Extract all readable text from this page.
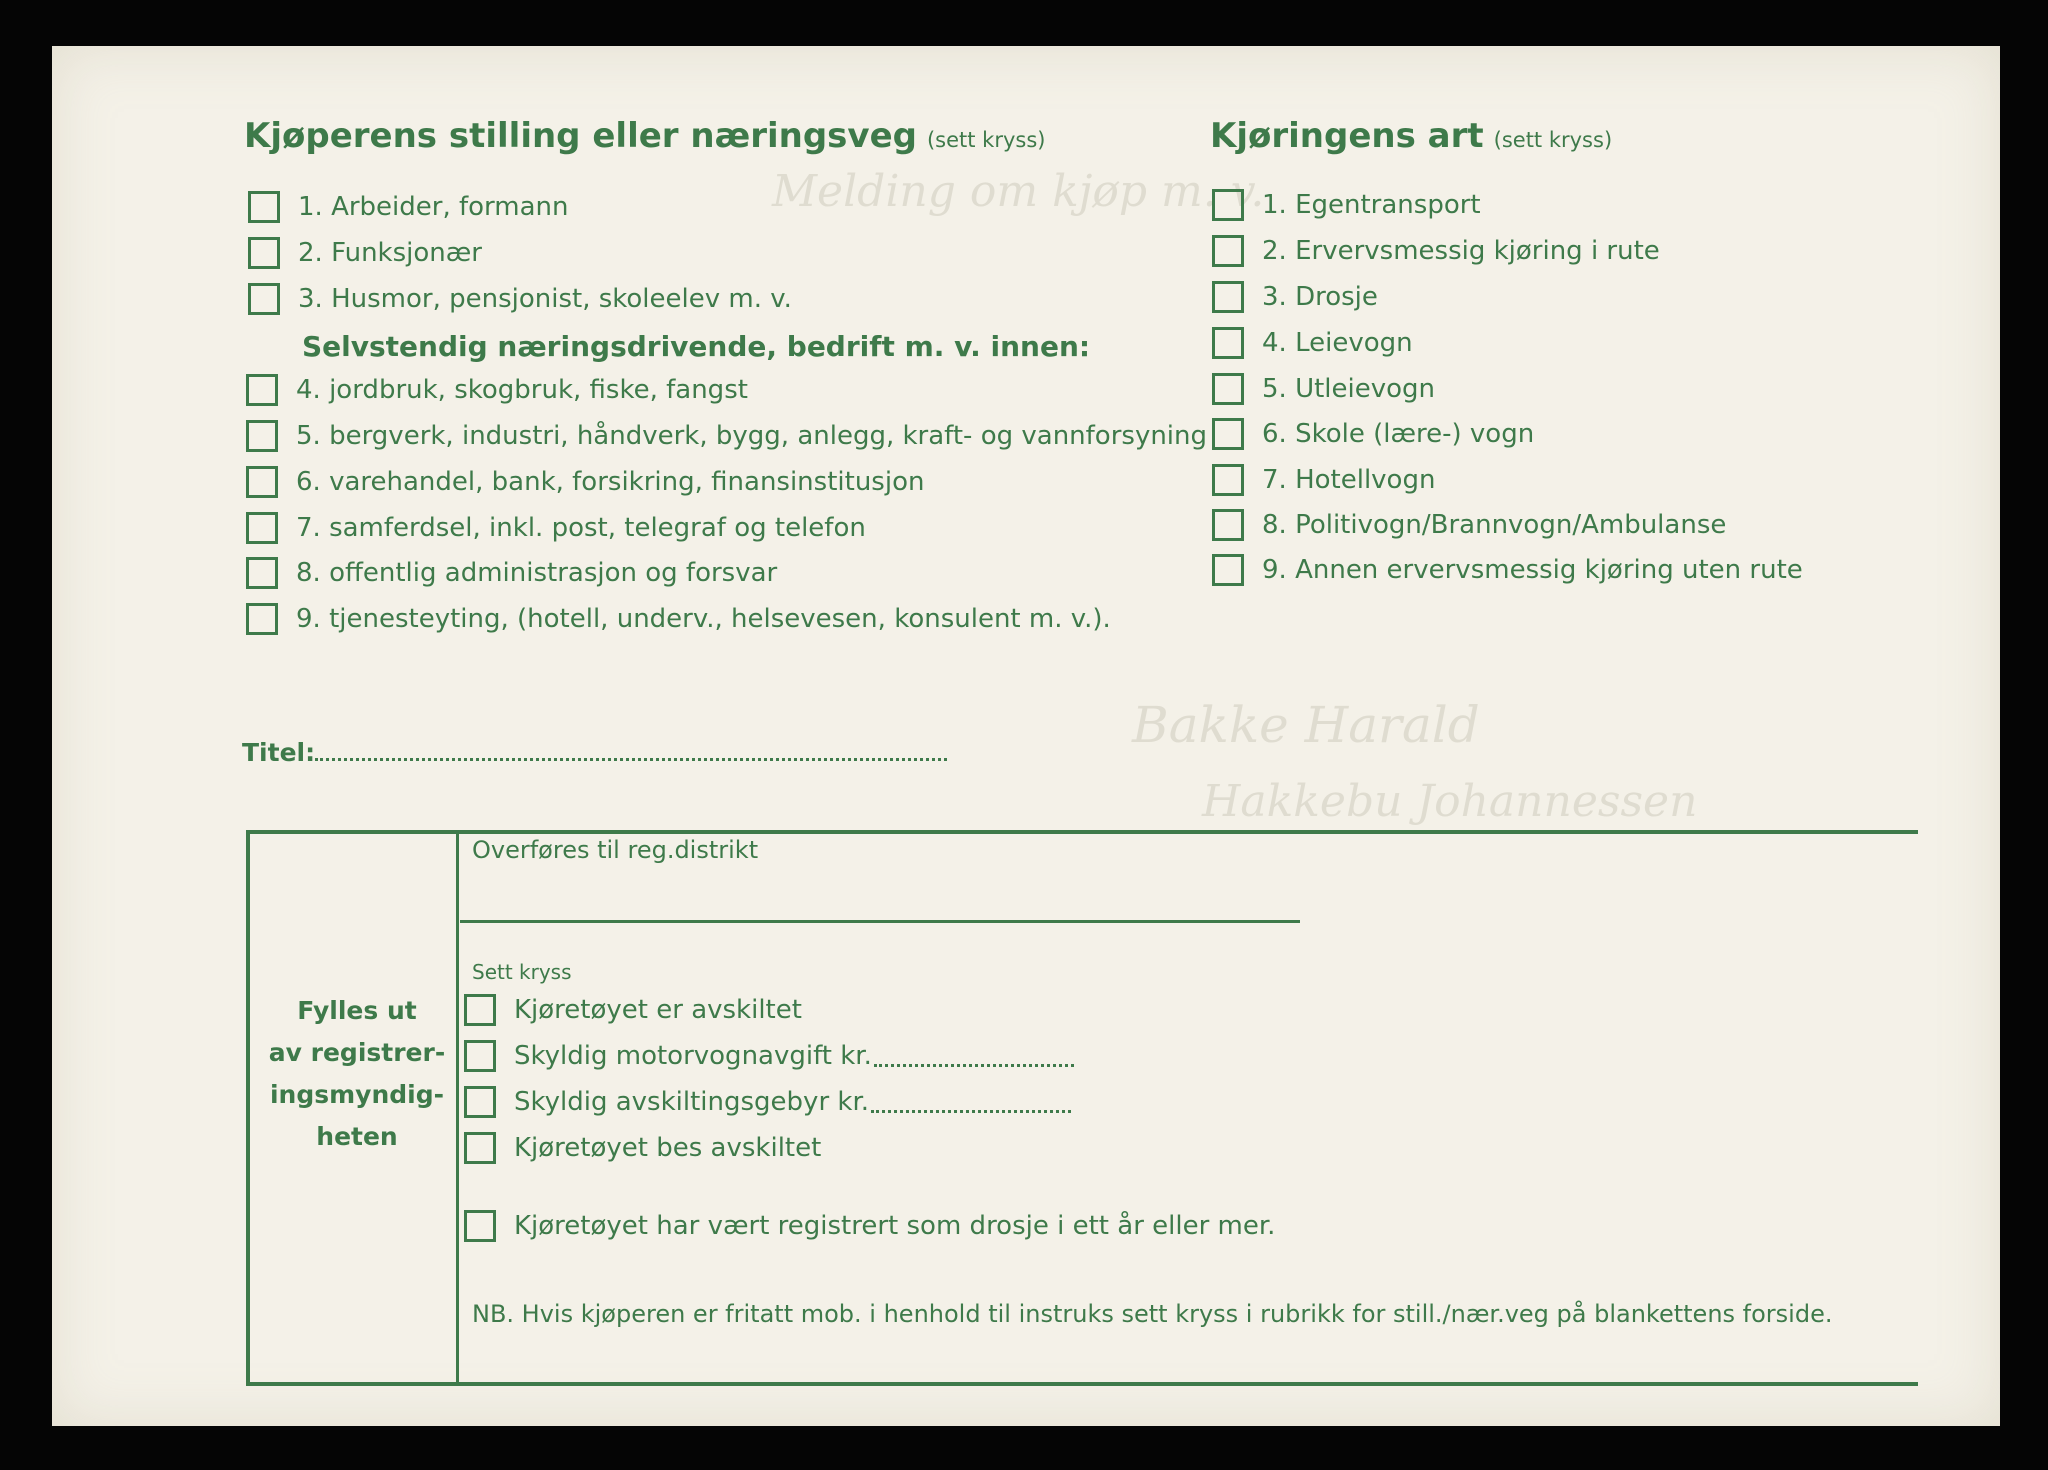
Melding om kjøp m. v.
Bakke Harald
Hakkebu Johannessen
Kjøperens stilling eller næringsveg (sett kryss)
1. Arbeider, formann
2. Funksjonær
3. Husmor, pensjonist, skoleelev m. v.
Selvstendig næringsdrivende, bedrift m. v. innen:
4. jordbruk, skogbruk, fiske, fangst
5. bergverk, industri, håndverk, bygg, anlegg, kraft- og vannforsyning
6. varehandel, bank, forsikring, finansinstitusjon
7. samferdsel, inkl. post, telegraf og telefon
8. offentlig administrasjon og forsvar
9. tjenesteyting, (hotell, underv., helsevesen, konsulent m. v.).
Kjøringens art (sett kryss)
1. Egentransport
2. Ervervsmessig kjøring i rute
3. Drosje
4. Leievogn
5. Utleievogn
6. Skole (lære-) vogn
7. Hotellvogn
8. Politivogn/Brannvogn/Ambulanse
9. Annen ervervsmessig kjøring uten rute
Titel:
Fylles ut
av registrer-
ingsmyndig-
heten
Overføres til reg.distrikt
Sett kryss
Kjøretøyet er avskiltet
Skyldig motorvognavgift kr.
Skyldig avskiltingsgebyr kr.
Kjøretøyet bes avskiltet
Kjøretøyet har vært registrert som drosje i ett år eller mer.
NB. Hvis kjøperen er fritatt mob. i henhold til instruks sett kryss i rubrikk for still./nær.veg på blankettens forside.
